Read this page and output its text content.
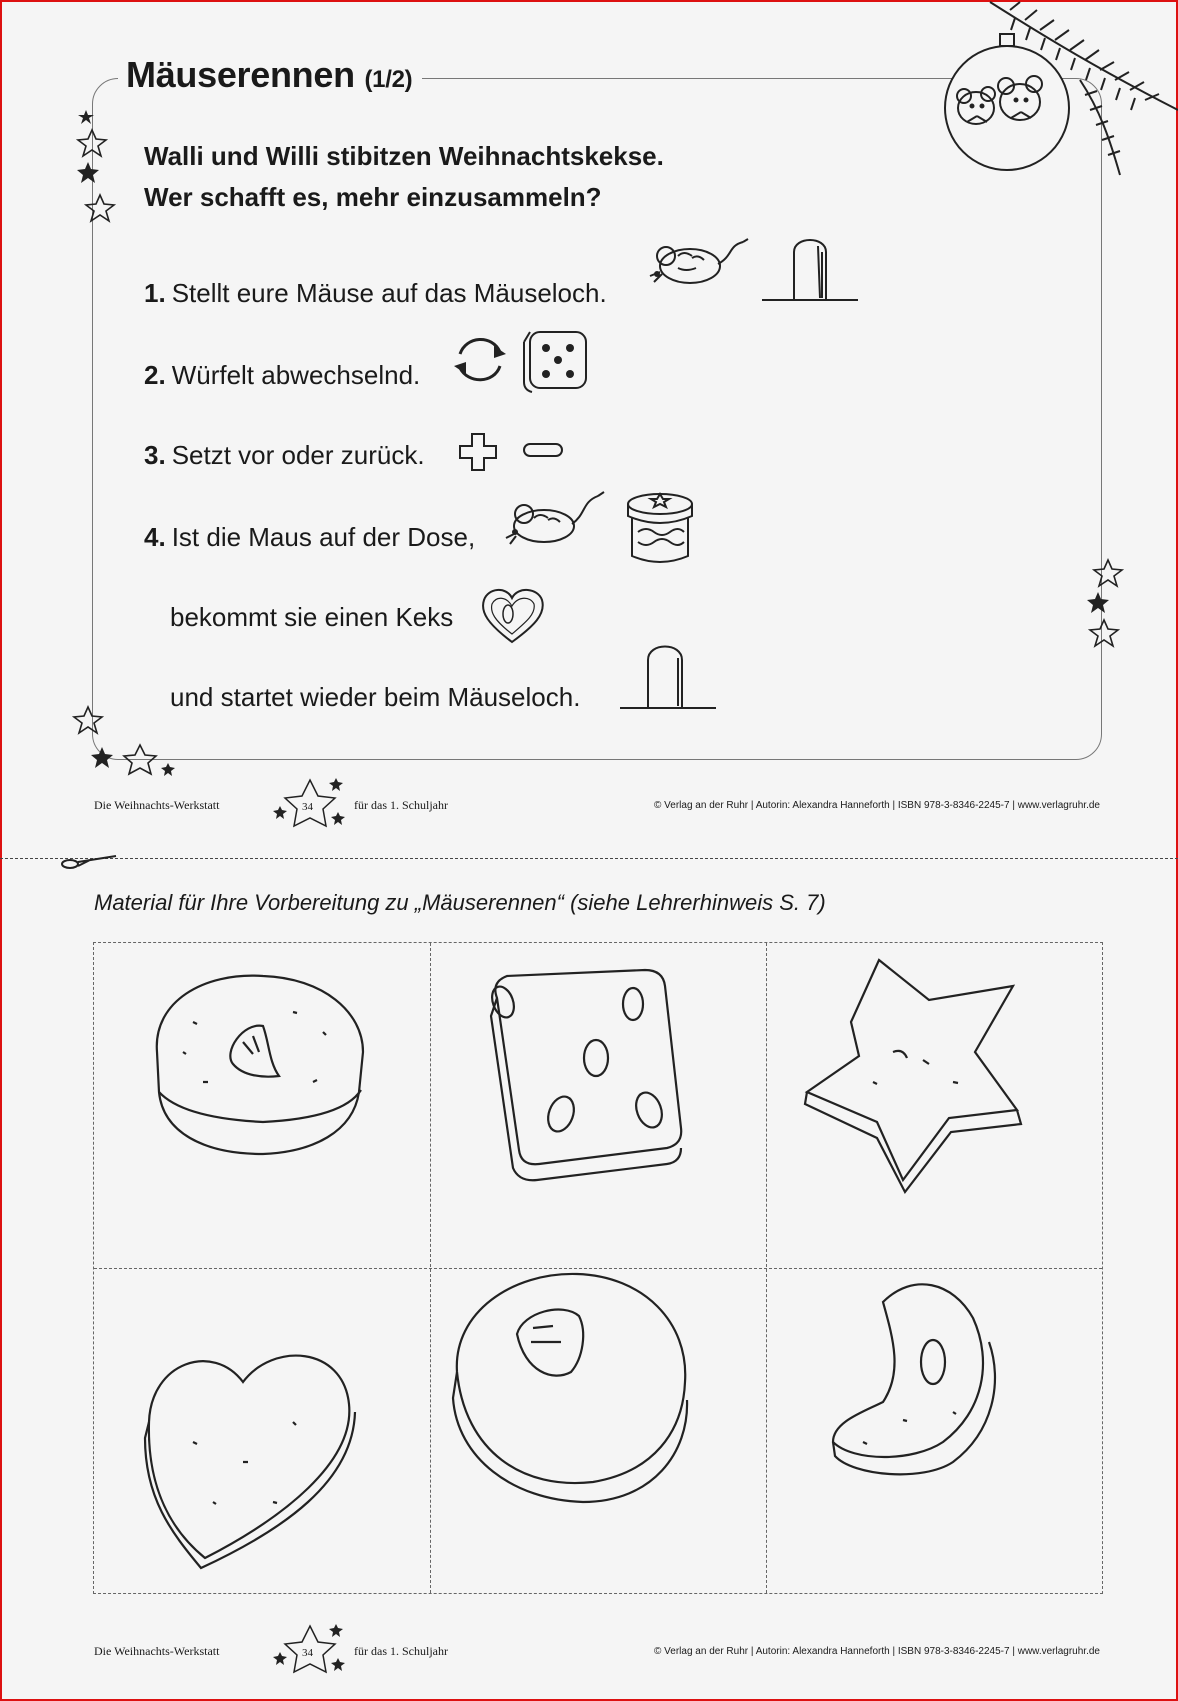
Mäuserennen (1/2)
Walli und Willi stibitzen Weihnachtskekse.
Wer schafft es, mehr einzusammeln?
1. Stellt eure Mäuse auf das Mäuseloch.
2. Würfelt abwechselnd.
3. Setzt vor oder zurück.
4. Ist die Maus auf der Dose,
bekommt sie einen Keks
und startet wieder beim Mäuseloch.
Die Weihnachts-Werkstatt	34	für das 1. Schuljahr	© Verlag an der Ruhr | Autorin: Alexandra Hanneforth | ISBN 978-3-8346-2245-7 | www.verlagruhr.de
Material für Ihre Vorbereitung zu „Mäuserennen“ (siehe Lehrerhinweis S. 7)
Die Weihnachts-Werkstatt	34	für das 1. Schuljahr	© Verlag an der Ruhr | Autorin: Alexandra Hanneforth | ISBN 978-3-8346-2245-7 | www.verlagruhr.de
